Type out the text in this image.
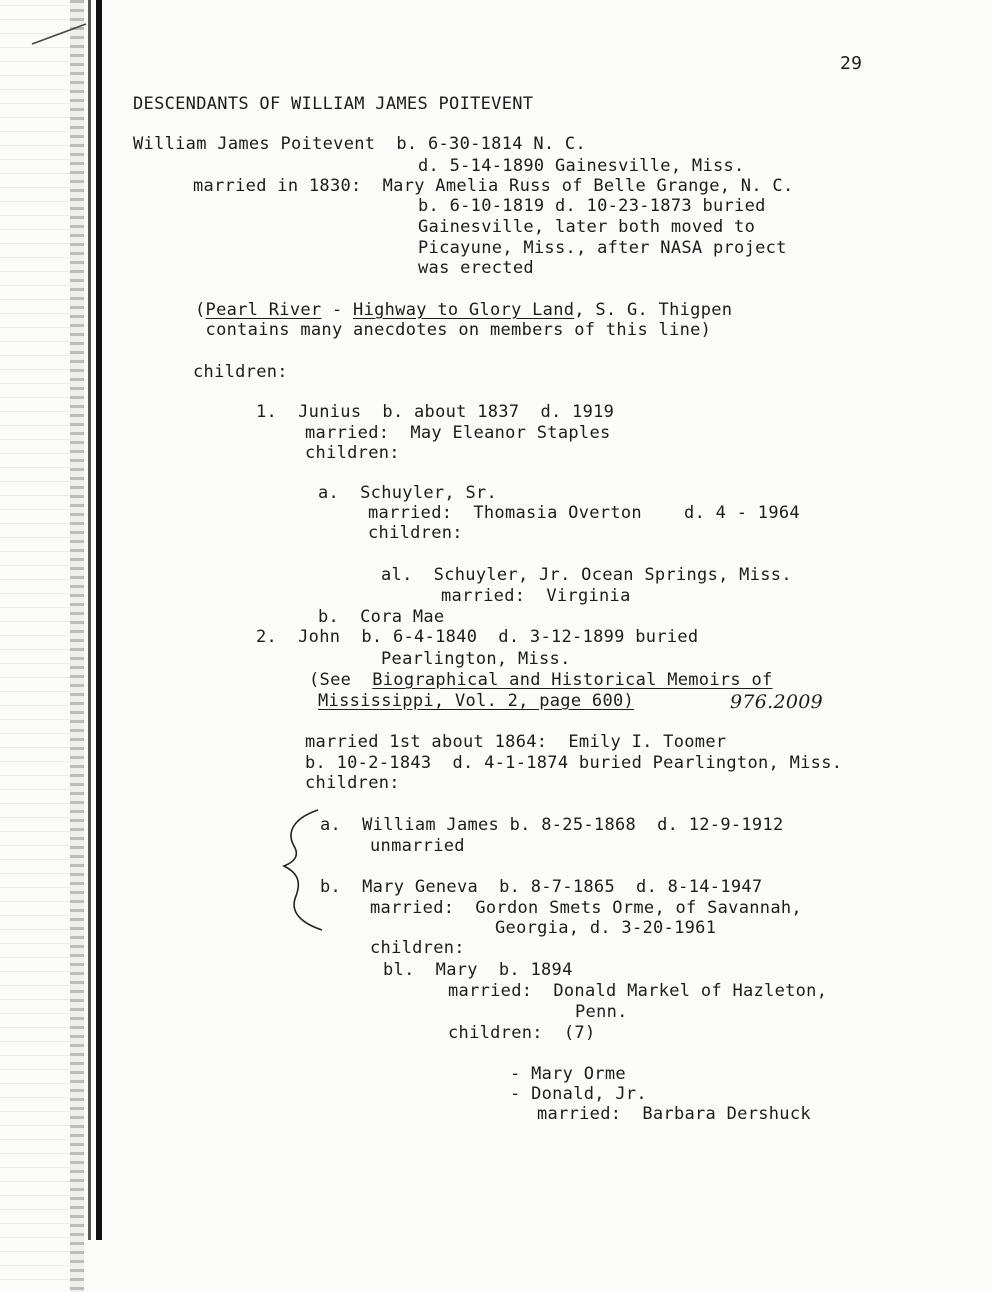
29
DESCENDANTS OF WILLIAM JAMES POITEVENT
William James Poitevent  b. 6-30-1814 N. C.
d. 5-14-1890 Gainesville, Miss.
married in 1830:  Mary Amelia Russ of Belle Grange, N. C.
b. 6-10-1819 d. 10-23-1873 buried
Gainesville, later both moved to
Picayune, Miss., after NASA project
was erected
(Pearl River - Highway to Glory Land, S. G. Thigpen
contains many anecdotes on members of this line)
children:
1.  Junius  b. about 1837  d. 1919
married:  May Eleanor Staples
children:
a.  Schuyler, Sr.
married:  Thomasia Overton    d. 4 - 1964
children:
al.  Schuyler, Jr. Ocean Springs, Miss.
married:  Virginia
b.  Cora Mae
2.  John  b. 6-4-1840  d. 3-12-1899 buried
Pearlington, Miss.
(See  Biographical and Historical Memoirs of
Mississippi, Vol. 2, page 600)	976.2009
married 1st about 1864:  Emily I. Toomer
b. 10-2-1843  d. 4-1-1874 buried Pearlington, Miss.
children:
a.  William James b. 8-25-1868  d. 12-9-1912
unmarried
b.  Mary Geneva  b. 8-7-1865  d. 8-14-1947
married:  Gordon Smets Orme, of Savannah,
Georgia, d. 3-20-1961
children:
bl.  Mary  b. 1894
married:  Donald Markel of Hazleton,
Penn.
children:  (7)
- Mary Orme
- Donald, Jr.
married:  Barbara Dershuck
